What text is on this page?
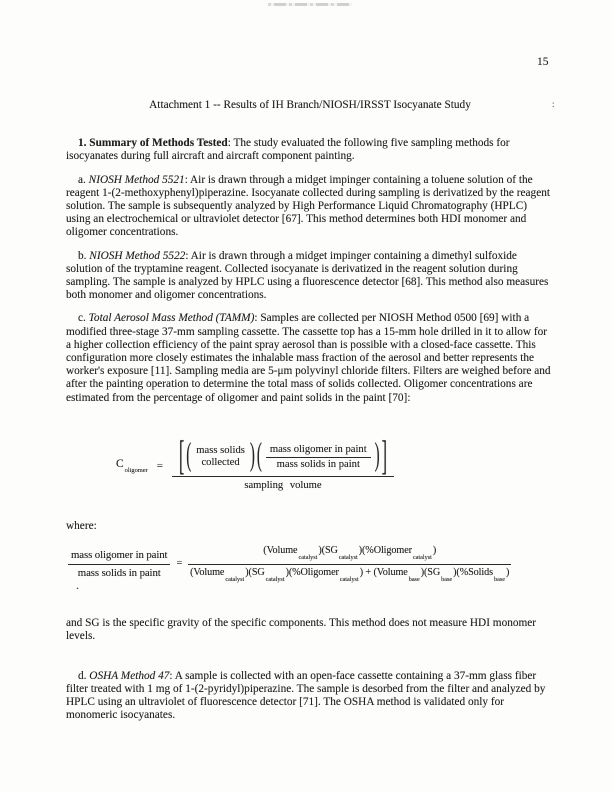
15
:
Attachment 1 -- Results of IH Branch/NIOSH/IRSST Isocyanate Study

1. Summary of Methods Tested: The study evaluated the following five sampling methods for isocyanates during full aircraft and aircraft component painting.

a. NIOSH Method 5521: Air is drawn through a midget impinger containing a toluene solution of the reagent 1-(2-methoxyphenyl)piperazine. Isocyanate collected during sampling is derivatized by the reagent solution. The sample is subsequently analyzed by High Performance Liquid Chromatography (HPLC) using an electrochemical or ultraviolet detector [67]. This method determines both HDI monomer and oligomer concentrations.

b. NIOSH Method 5522: Air is drawn through a midget impinger containing a dimethyl sulfoxide solution of the tryptamine reagent. Collected isocyanate is derivatized in the reagent solution during sampling. The sample is analyzed by HPLC using a fluorescence detector [68]. This method also measures both monomer and oligomer concentrations.

c. Total Aerosol Mass Method (TAMM): Samples are collected per NIOSH Method 0500 [69] with a modified three-stage 37-mm sampling cassette. The cassette top has a 15-mm hole drilled in it to allow for a higher collection efficiency of the paint spray aerosol than is possible with a closed-face cassette. This configuration more closely estimates the inhalable mass fraction of the aerosol and better represents the worker's exposure [11]. Sampling media are 5-μm polyvinyl chloride filters. Filters are weighed before and after the painting operation to determine the total mass of solids collected. Oligomer concentrations are estimated from the percentage of oligomer and paint solids in the paint [70]:

$C_{oligomer}$ = [ ( mass solids
collected ) ( mass oligomer in paint
mass solids in paint ) ]
sampling volume

where:

mass oligomer in paint
mass solids in paint
=
$(Volume_{catalyst})(SG_{catalyst})(\%Oligomer_{catalyst})$
$(Volume_{catalyst})(SG_{catalyst})(\%Oligomer_{catalyst})$ + $(Volume_{base})(SG_{base})(\%Solids_{base})$

and SG is the specific gravity of the specific components. This method does not measure HDI monomer levels.

d. OSHA Method 47: A sample is collected with an open-face cassette containing a 37-mm glass fiber filter treated with 1 mg of 1-(2-pyridyl)piperazine. The sample is desorbed from the filter and analyzed by HPLC using an ultraviolet of fluorescence detector [71]. The OSHA method is validated only for monomeric isocyanates.

.
